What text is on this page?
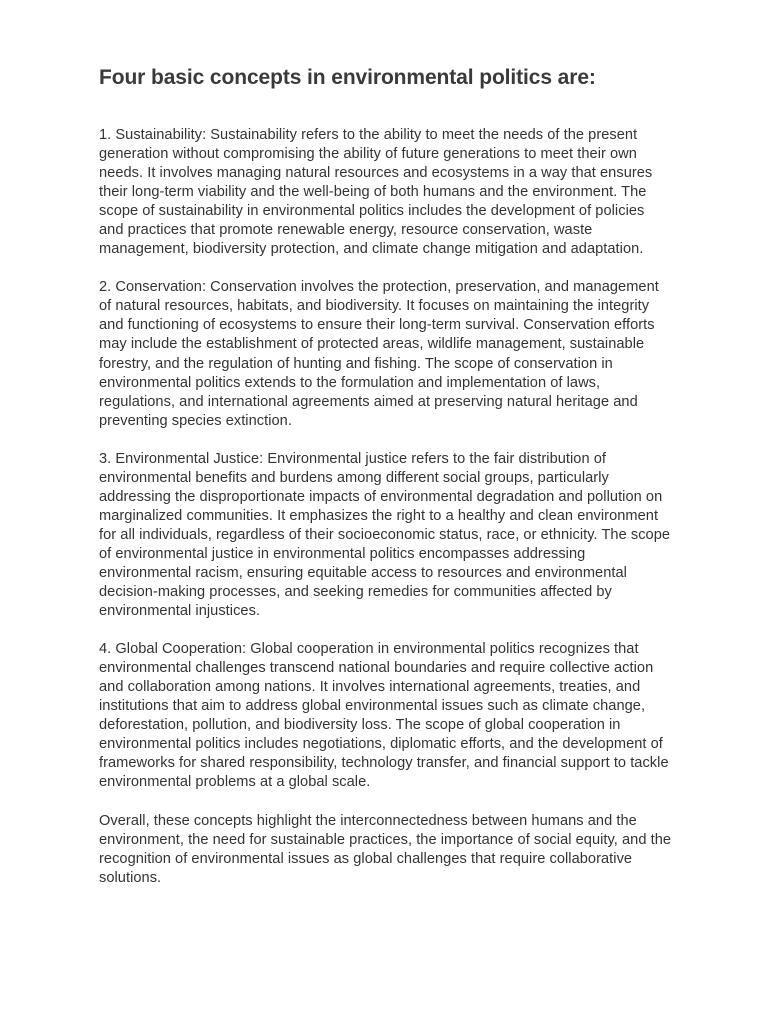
Four basic concepts in environmental politics are:

1. Sustainability: Sustainability refers to the ability to meet the needs of the present generation without compromising the ability of future generations to meet their own needs. It involves managing natural resources and ecosystems in a way that ensures their long-term viability and the well-being of both humans and the environment. The scope of sustainability in environmental politics includes the development of policies and practices that promote renewable energy, resource conservation, waste management, biodiversity protection, and climate change mitigation and adaptation.

2. Conservation: Conservation involves the protection, preservation, and management of natural resources, habitats, and biodiversity. It focuses on maintaining the integrity and functioning of ecosystems to ensure their long-term survival. Conservation efforts may include the establishment of protected areas, wildlife management, sustainable forestry, and the regulation of hunting and fishing. The scope of conservation in environmental politics extends to the formulation and implementation of laws, regulations, and international agreements aimed at preserving natural heritage and preventing species extinction.

3. Environmental Justice: Environmental justice refers to the fair distribution of environmental benefits and burdens among different social groups, particularly addressing the disproportionate impacts of environmental degradation and pollution on marginalized communities. It emphasizes the right to a healthy and clean environment for all individuals, regardless of their socioeconomic status, race, or ethnicity. The scope of environmental justice in environmental politics encompasses addressing environmental racism, ensuring equitable access to resources and environmental decision-making processes, and seeking remedies for communities affected by environmental injustices.

4. Global Cooperation: Global cooperation in environmental politics recognizes that environmental challenges transcend national boundaries and require collective action and collaboration among nations. It involves international agreements, treaties, and institutions that aim to address global environmental issues such as climate change, deforestation, pollution, and biodiversity loss. The scope of global cooperation in environmental politics includes negotiations, diplomatic efforts, and the development of frameworks for shared responsibility, technology transfer, and financial support to tackle environmental problems at a global scale.

Overall, these concepts highlight the interconnectedness between humans and the environment, the need for sustainable practices, the importance of social equity, and the recognition of environmental issues as global challenges that require collaborative solutions.
